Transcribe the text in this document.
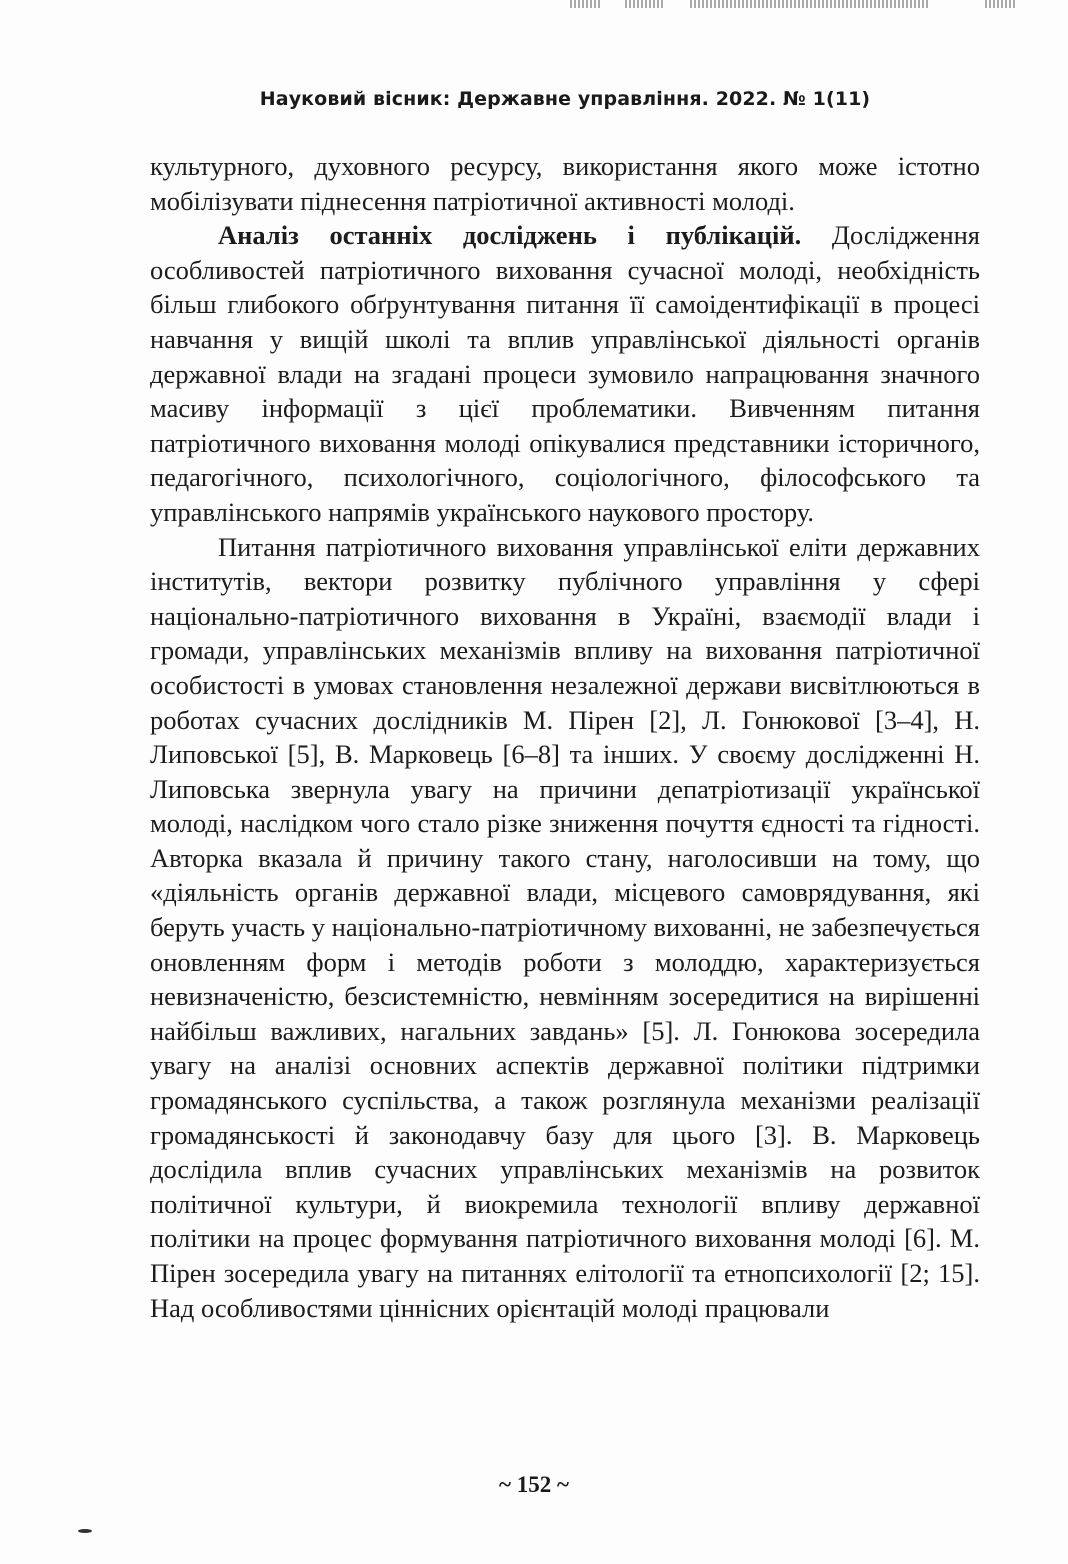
Науковий вісник: Державне управління. 2022. № 1(11)

культурного, духовного ресурсу, використання якого може істотно мобілізувати піднесення патріотичної активності молоді.

Аналіз останніх досліджень і публікацій. Дослідження особливостей патріотичного виховання сучасної молоді, необхідність більш глибокого обґрунтування питання її самоідентифікації в процесі навчання у вищій школі та вплив управлінської діяльності органів державної влади на згадані процеси зумовило напрацювання значного масиву інформації з цієї проблематики. Вивченням питання патріотичного виховання молоді опікувалися представники історичного, педагогічного, психологічного, соціологічного, філософського та управлінського напрямів українського наукового простору.

Питання патріотичного виховання управлінської еліти державних інститутів, вектори розвитку публічного управління у сфері національно-патріотичного виховання в Україні, взаємодії влади і громади, управлінських механізмів впливу на виховання патріотичної особистості в умовах становлення незалежної держави висвітлюються в роботах сучасних дослідників М. Пірен [2], Л. Гонюкової [3–4], Н. Липовської [5], В. Марковець [6–8] та інших. У своєму дослідженні Н. Липовська звернула увагу на причини депатріотизації української молоді, наслідком чого стало різке зниження почуття єдності та гідності. Авторка вказала й причину такого стану, наголосивши на тому, що «діяльність органів державної влади, місцевого самоврядування, які беруть участь у національно-патріотичному вихованні, не забезпечується оновленням форм і методів роботи з молоддю, характеризується невизначеністю, безсистемністю, невмінням зосередитися на вирішенні найбільш важливих, нагальних завдань» [5]. Л. Гонюкова зосередила увагу на аналізі основних аспектів державної політики підтримки громадянського суспільства, а також розглянула механізми реалізації громадянськості й законодавчу базу для цього [3]. В. Марковець дослідила вплив сучасних управлінських механізмів на розвиток політичної культури, й виокремила технології впливу державної політики на процес формування патріотичного виховання молоді [6]. М. Пірен зосередила увагу на питаннях елітології та етнопсихології [2; 15]. Над особливостями ціннісних орієнтацій молоді працювали

~ 152 ~
